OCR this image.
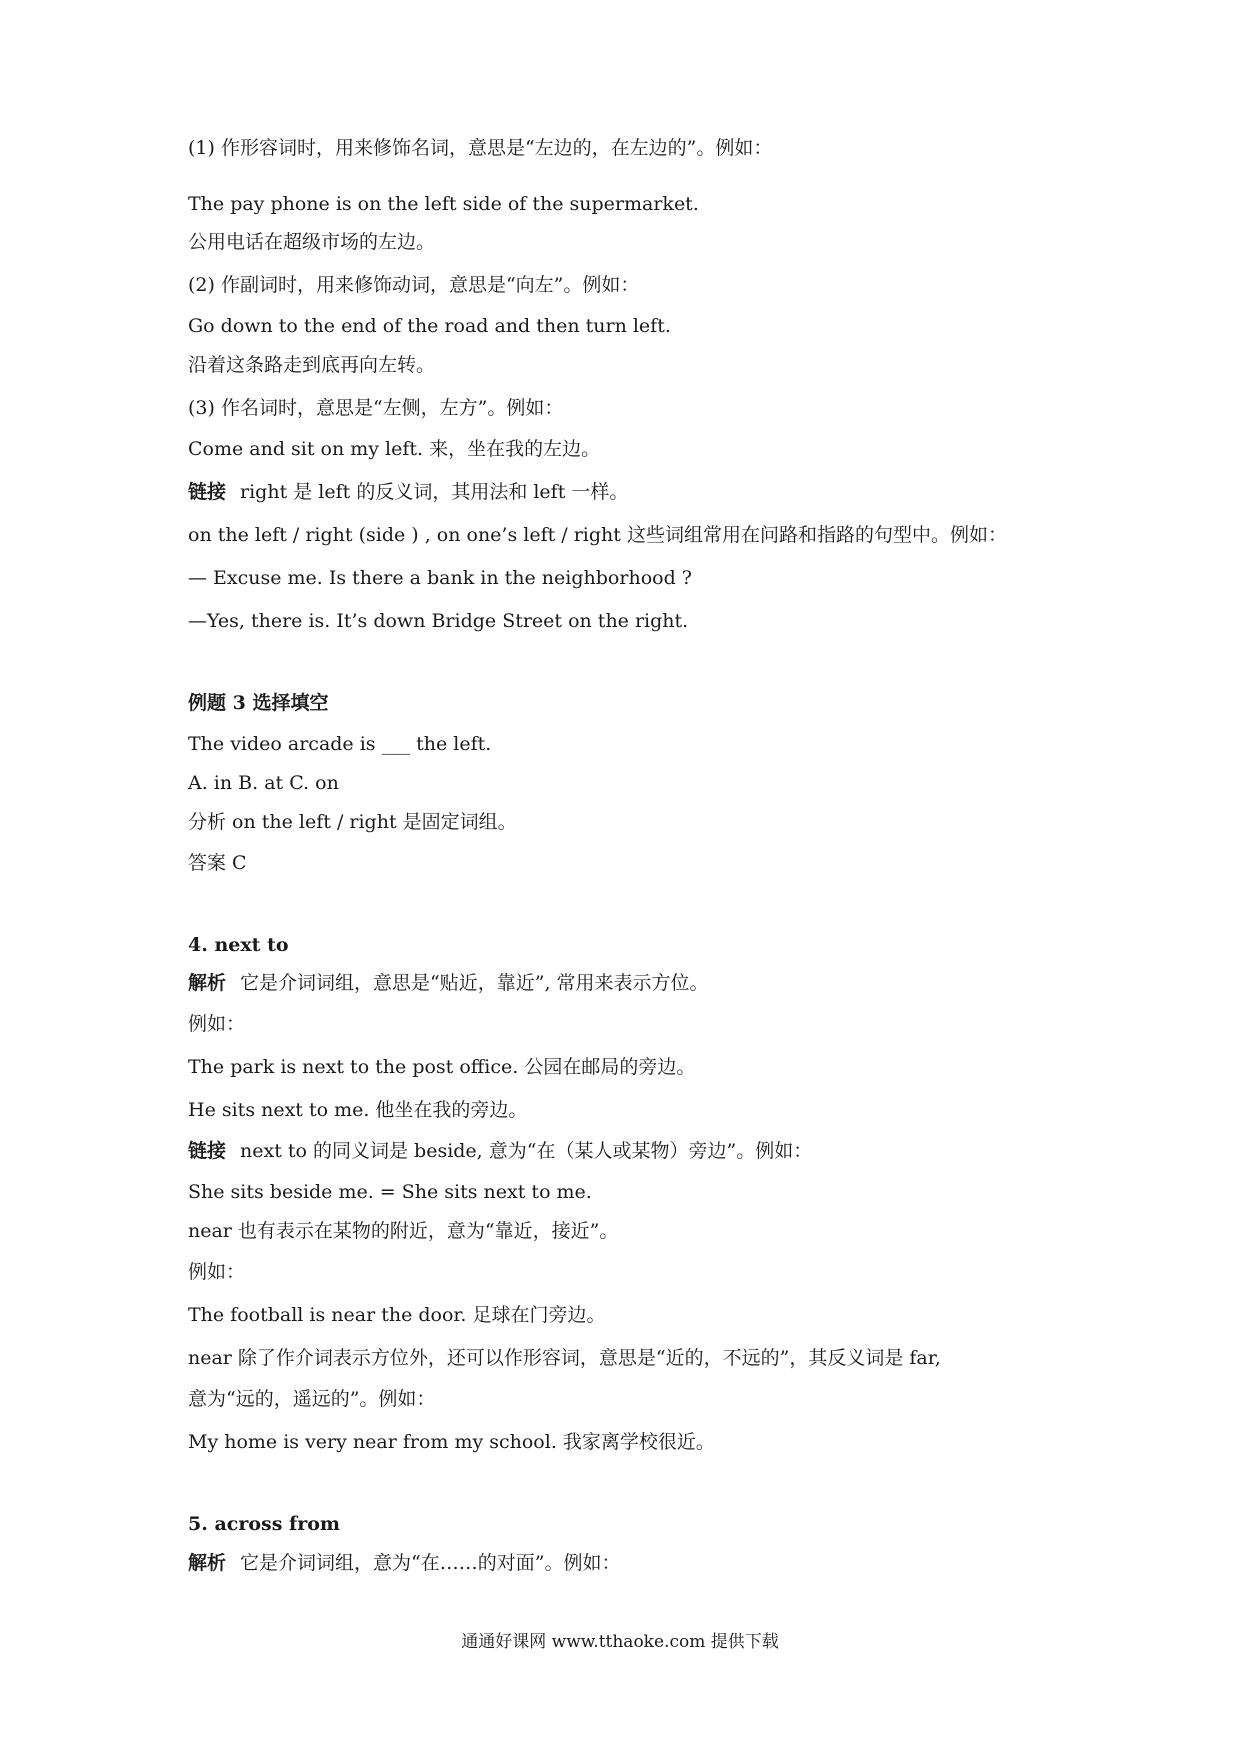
(1) 作形容词时，用来修饰名词，意思是“左边的，在左边的”。例如：
The pay phone is on the left side of the supermarket.
公用电话在超级市场的左边。
(2) 作副词时，用来修饰动词，意思是“向左”。例如：
Go down to the end of the road and then turn left.
沿着这条路走到底再向左转。
(3) 作名词时，意思是“左侧，左方”。例如：
Come and sit on my left. 来，坐在我的左边。
链接 right 是 left 的反义词，其用法和 left 一样。
on the left / right (side ) , on one’s left / right 这些词组常用在问路和指路的句型中。例如：
— Excuse me. Is there a bank in the neighborhood ?
—Yes, there is. It’s down Bridge Street on the right.
例题 3 选择填空
The video arcade is ___ the left.
A. in B. at C. on
分析 on the left / right 是固定词组。
答案 C
4. next to
解析 它是介词词组，意思是“贴近，靠近”, 常用来表示方位。
例如：
The park is next to the post office. 公园在邮局的旁边。
He sits next to me. 他坐在我的旁边。
链接 next to 的同义词是 beside, 意为“在（某人或某物）旁边”。例如：
She sits beside me. = She sits next to me.
near 也有表示在某物的附近，意为“靠近，接近”。
例如：
The football is near the door. 足球在门旁边。
near 除了作介词表示方位外，还可以作形容词，意思是“近的，不远的”，其反义词是 far,
意为“远的，遥远的”。例如：
My home is very near from my school. 我家离学校很近。
5. across from
解析 它是介词词组，意为“在……的对面”。例如：
通通好课网 www.tthaoke.com 提供下载
